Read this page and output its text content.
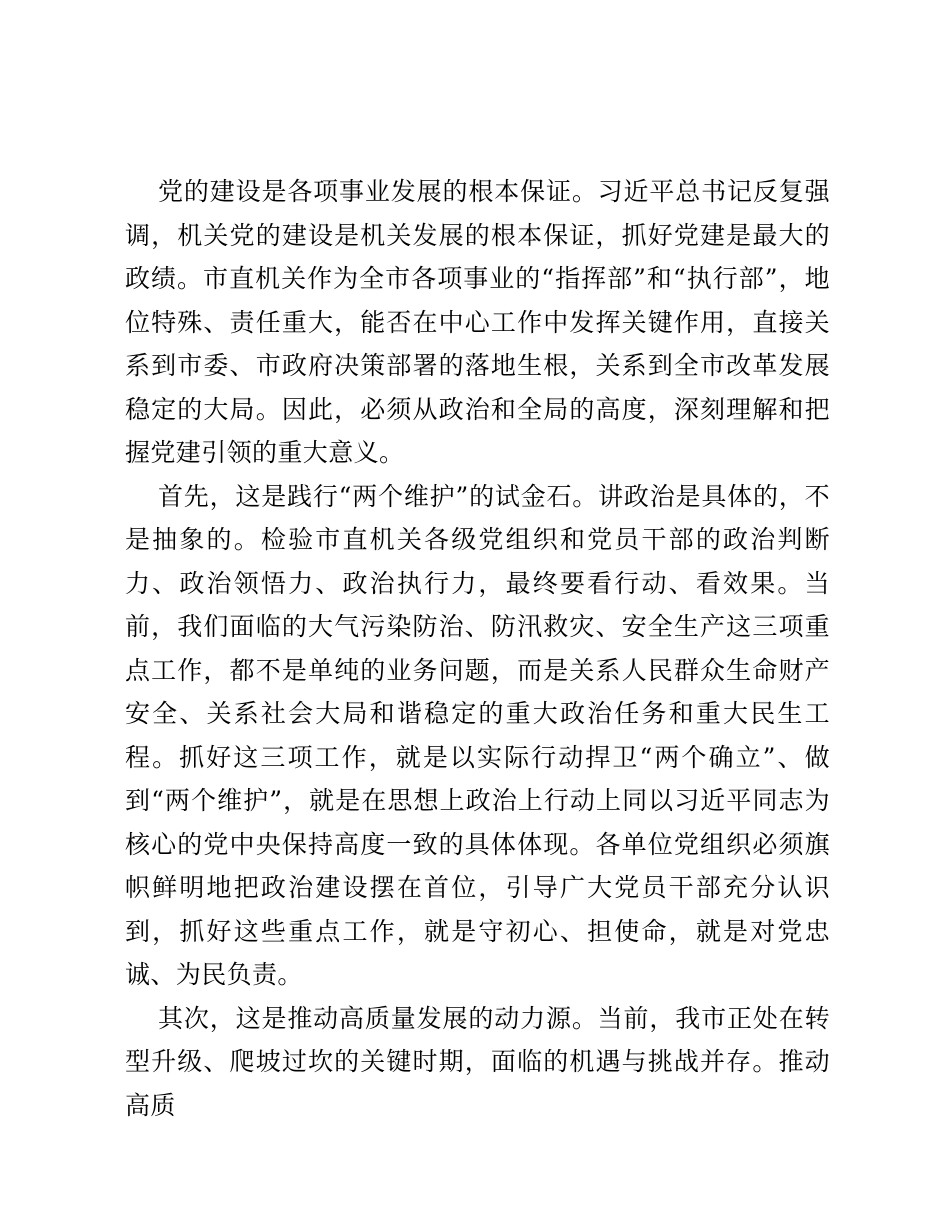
党的建设是各项事业发展的根本保证。习近平总书记反复强调，机关党的建设是机关发展的根本保证，抓好党建是最大的政绩。市直机关作为全市各项事业的“指挥部”和“执行部”，地位特殊、责任重大，能否在中心工作中发挥关键作用，直接关系到市委、市政府决策部署的落地生根，关系到全市改革发展稳定的大局。因此，必须从政治和全局的高度，深刻理解和把握党建引领的重大意义。

首先，这是践行“两个维护”的试金石。讲政治是具体的，不是抽象的。检验市直机关各级党组织和党员干部的政治判断力、政治领悟力、政治执行力，最终要看行动、看效果。当前，我们面临的大气污染防治、防汛救灾、安全生产这三项重点工作，都不是单纯的业务问题，而是关系人民群众生命财产安全、关系社会大局和谐稳定的重大政治任务和重大民生工程。抓好这三项工作，就是以实际行动捍卫“两个确立”、做到“两个维护”，就是在思想上政治上行动上同以习近平同志为核心的党中央保持高度一致的具体体现。各单位党组织必须旗帜鲜明地把政治建设摆在首位，引导广大党员干部充分认识到，抓好这些重点工作，就是守初心、担使命，就是对党忠诚、为民负责。

其次，这是推动高质量发展的动力源。当前，我市正处在转型升级、爬坡过坎的关键时期，面临的机遇与挑战并存。推动高质
